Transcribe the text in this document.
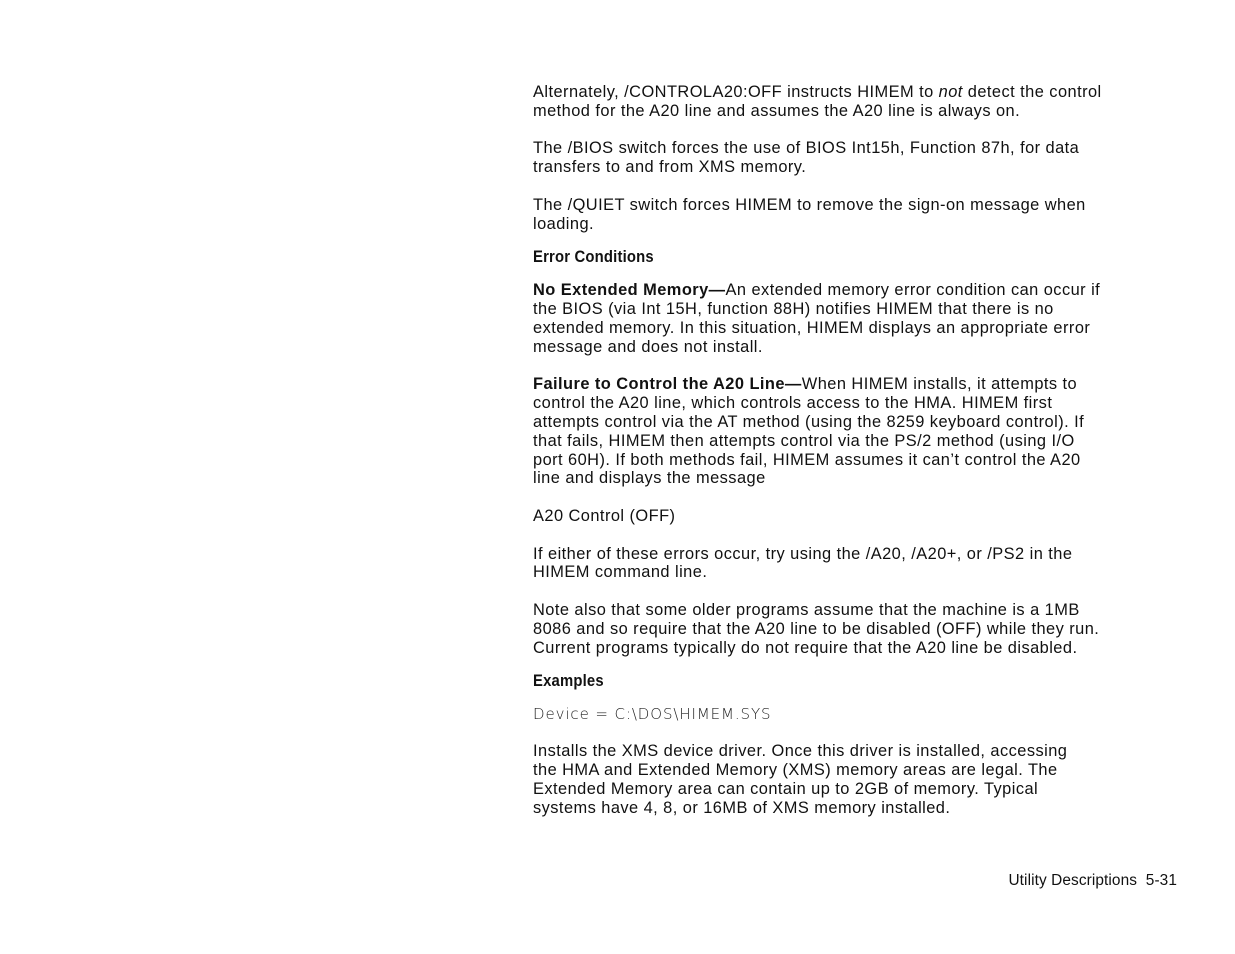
Alternately, /CONTROLA20:OFF instructs HIMEM to not detect the control
method for the A20 line and assumes the A20 line is always on.

The /BIOS switch forces the use of BIOS Int15h, Function 87h, for data
transfers to and from XMS memory.

The /QUIET switch forces HIMEM to remove the sign-on message when
loading.

Error Conditions

No Extended Memory—An extended memory error condition can occur if
the BIOS (via Int 15H, function 88H) notifies HIMEM that there is no
extended memory. In this situation, HIMEM displays an appropriate error
message and does not install.

Failure to Control the A20 Line—When HIMEM installs, it attempts to
control the A20 line, which controls access to the HMA. HIMEM first
attempts control via the AT method (using the 8259 keyboard control). If
that fails, HIMEM then attempts control via the PS/2 method (using I/O
port 60H). If both methods fail, HIMEM assumes it can’t control the A20
line and displays the message

A20 Control (OFF)

If either of these errors occur, try using the /A20, /A20+, or /PS2 in the
HIMEM command line.

Note also that some older programs assume that the machine is a 1MB
8086 and so require that the A20 line to be disabled (OFF) while they run.
Current programs typically do not require that the A20 line be disabled.

Examples

Device = C:\DOS\HIMEM.SYS

Installs the XMS device driver. Once this driver is installed, accessing
the HMA and Extended Memory (XMS) memory areas are legal. The
Extended Memory area can contain up to 2GB of memory. Typical
systems have 4, 8, or 16MB of XMS memory installed.

Utility Descriptions  5-31
